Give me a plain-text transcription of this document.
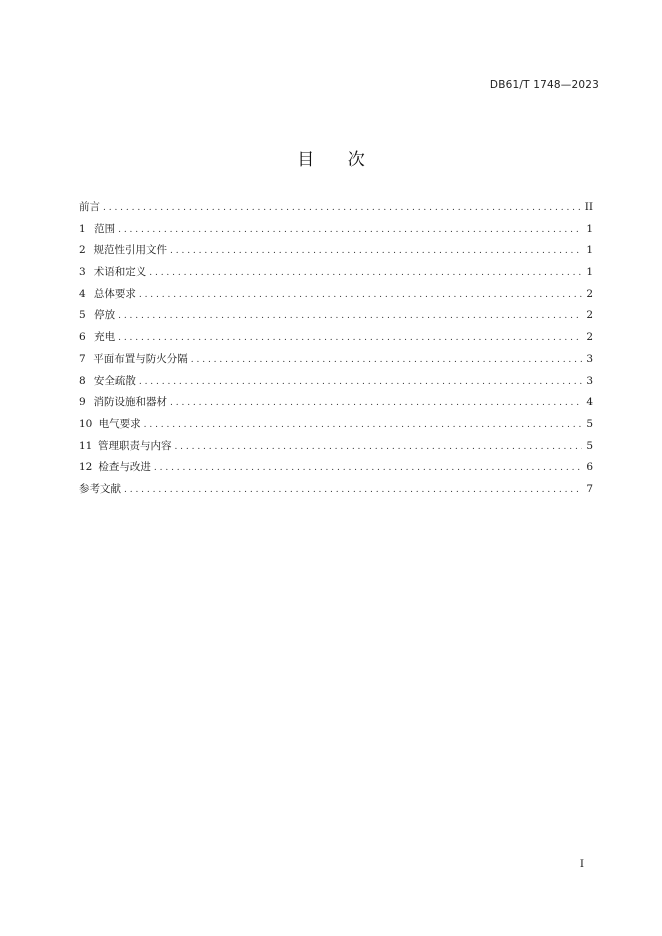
DB61/T 1748—2023
目 次
前言 . . .	II
1 范围 . . .	1
2 规范性引用文件 . . .	1
3 术语和定义 . . .	1
4 总体要求 . . .	2
5 停放 . . .	2
6 充电 . . .	2
7 平面布置与防火分隔 . . .	3
8 安全疏散 . . .	3
9 消防设施和器材 . . .	4
10 电气要求 . . .	5
11 管理职责与内容 . . .	5
12 检查与改进 . . .	6
参考文献 . . .	7
I
